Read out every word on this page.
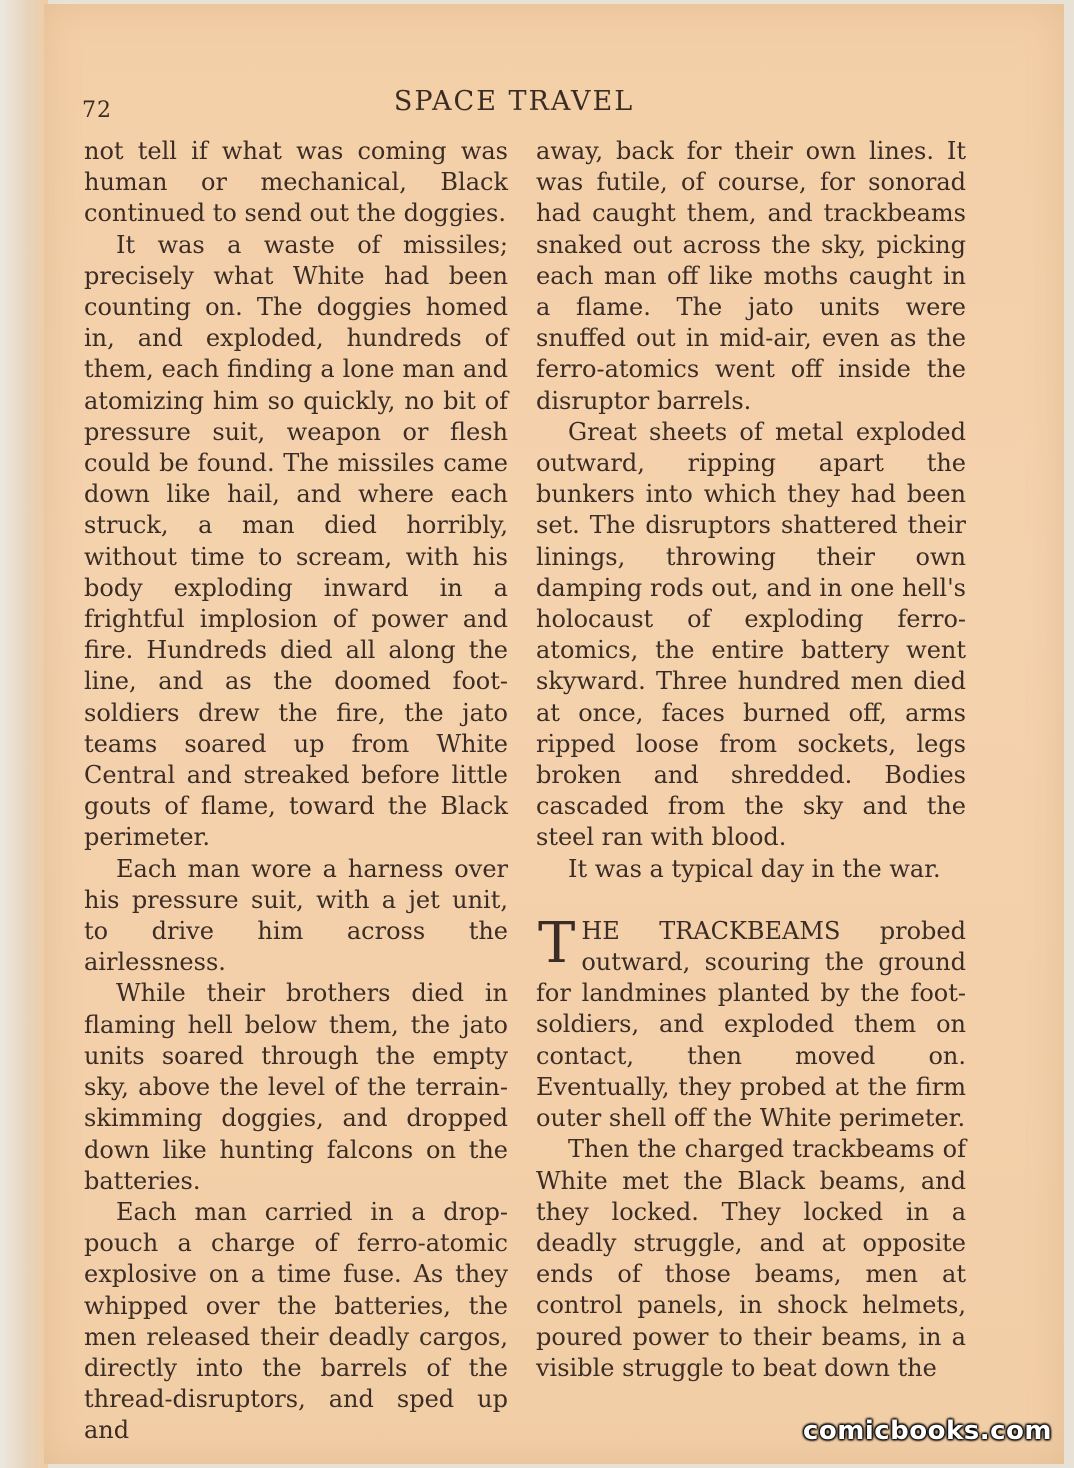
72	SPACE TRAVEL

not tell if what was coming was human or mechanical, Black continued to send out the doggies.

It was a waste of missiles; precisely what White had been counting on. The doggies homed in, and exploded, hundreds of them, each finding a lone man and atomizing him so quickly, no bit of pressure suit, weapon or flesh could be found. The missiles came down like hail, and where each struck, a man died horribly, without time to scream, with his body exploding inward in a frightful implosion of power and fire. Hundreds died all along the line, and as the doomed foot-soldiers drew the fire, the jato teams soared up from White Central and streaked before little gouts of flame, toward the Black perimeter.

Each man wore a harness over his pressure suit, with a jet unit, to drive him across the airlessness.

While their brothers died in flaming hell below them, the jato units soared through the empty sky, above the level of the terrain-skimming doggies, and dropped down like hunting falcons on the batteries.

Each man carried in a drop-pouch a charge of ferro-atomic explosive on a time fuse. As they whipped over the batteries, the men released their deadly cargos, directly into the barrels of the thread-disruptors, and sped up and

away, back for their own lines. It was futile, of course, for sonorad had caught them, and trackbeams snaked out across the sky, picking each man off like moths caught in a flame. The jato units were snuffed out in mid-air, even as the ferro-atomics went off inside the disruptor barrels.

Great sheets of metal exploded outward, ripping apart the bunkers into which they had been set. The disruptors shattered their linings, throwing their own damping rods out, and in one hell's holocaust of exploding ferro-atomics, the entire battery went skyward. Three hundred men died at once, faces burned off, arms ripped loose from sockets, legs broken and shredded. Bodies cascaded from the sky and the steel ran with blood.

It was a typical day in the war.

THE TRACKBEAMS probed outward, scouring the ground for landmines planted by the foot-soldiers, and exploded them on contact, then moved on. Eventually, they probed at the firm outer shell off the White perimeter.

Then the charged trackbeams of White met the Black beams, and they locked. They locked in a deadly struggle, and at opposite ends of those beams, men at control panels, in shock helmets, poured power to their beams, in a visible struggle to beat down the

comicbooks.com
